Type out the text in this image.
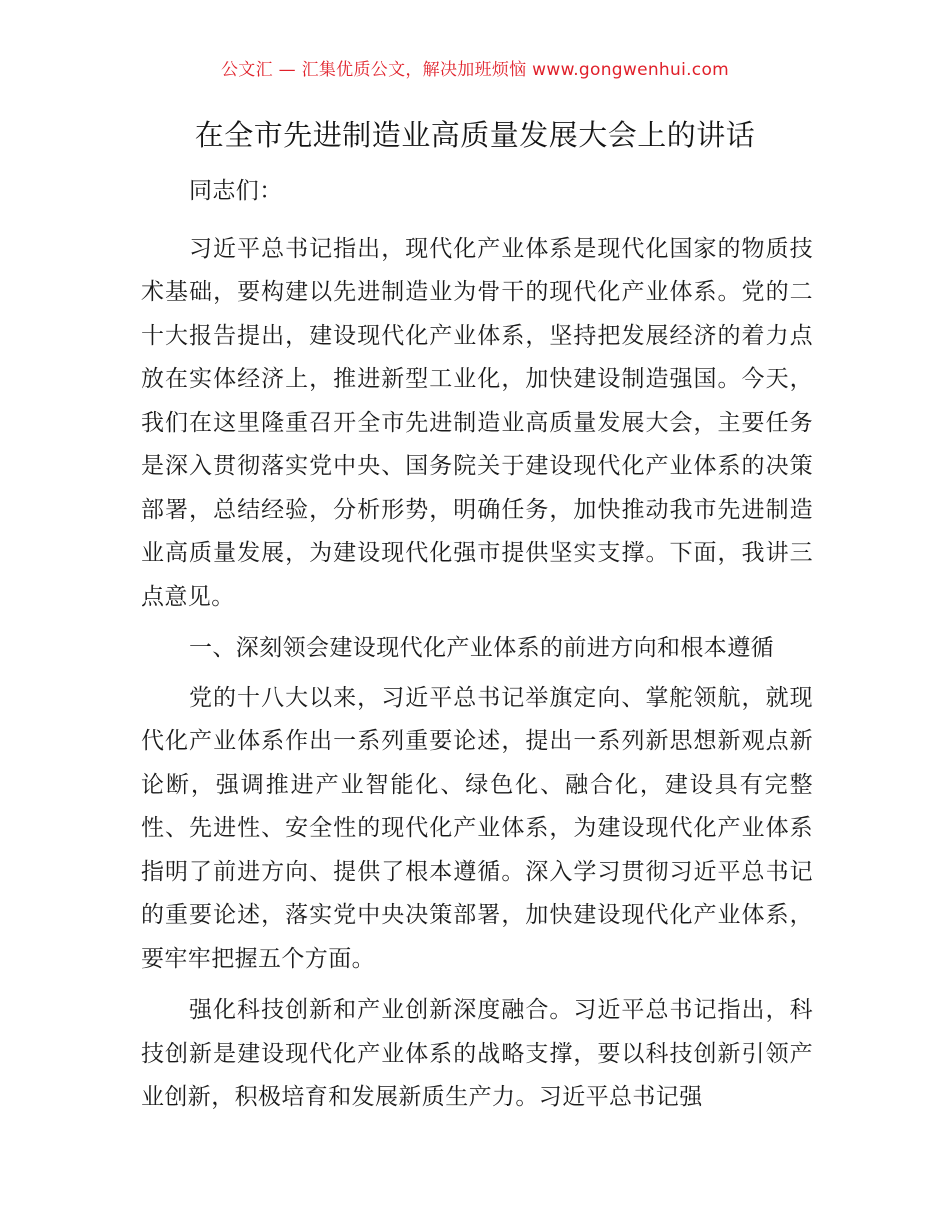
公文汇 — 汇集优质公文，解决加班烦恼 www.gongwenhui.com
在全市先进制造业高质量发展大会上的讲话

同志们：

习近平总书记指出，现代化产业体系是现代化国家的物质技术基础，要构建以先进制造业为骨干的现代化产业体系。党的二十大报告提出，建设现代化产业体系，坚持把发展经济的着力点放在实体经济上，推进新型工业化，加快建设制造强国。今天，我们在这里隆重召开全市先进制造业高质量发展大会，主要任务是深入贯彻落实党中央、国务院关于建设现代化产业体系的决策部署，总结经验，分析形势，明确任务，加快推动我市先进制造业高质量发展，为建设现代化强市提供坚实支撑。下面，我讲三点意见。

一、深刻领会建设现代化产业体系的前进方向和根本遵循

党的十八大以来，习近平总书记举旗定向、掌舵领航，就现代化产业体系作出一系列重要论述，提出一系列新思想新观点新论断，强调推进产业智能化、绿色化、融合化，建设具有完整性、先进性、安全性的现代化产业体系，为建设现代化产业体系指明了前进方向、提供了根本遵循。深入学习贯彻习近平总书记的重要论述，落实党中央决策部署，加快建设现代化产业体系，要牢牢把握五个方面。

强化科技创新和产业创新深度融合。习近平总书记指出，科技创新是建设现代化产业体系的战略支撑，要以科技创新引领产业创新，积极培育和发展新质生产力。习近平总书记强
